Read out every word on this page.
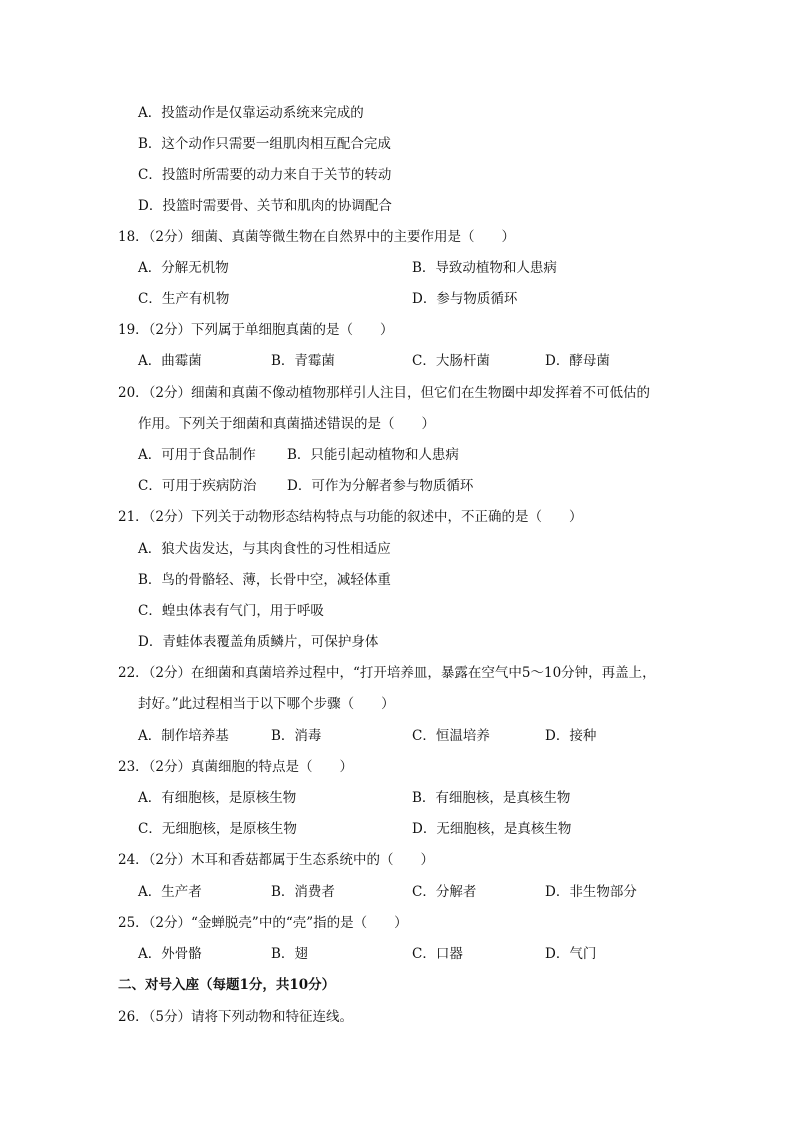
A．投篮动作是仅靠运动系统来完成的
B．这个动作只需要一组肌肉相互配合完成
C．投篮时所需要的动力来自于关节的转动
D．投篮时需要骨、关节和肌肉的协调配合
18．（2分）细菌、真菌等微生物在自然界中的主要作用是（　　）
A．分解无机物	B．导致动植物和人患病
C．生产有机物	D．参与物质循环
19．（2分）下列属于单细胞真菌的是（　　）
A．曲霉菌	B．青霉菌	C．大肠杆菌	D．酵母菌
20．（2分）细菌和真菌不像动植物那样引人注目，但它们在生物圈中却发挥着不可低估的
作用。下列关于细菌和真菌描述错误的是（　　）
A．可用于食品制作 B．只能引起动植物和人患病
C．可用于疾病防治 D．可作为分解者参与物质循环
21．（2分）下列关于动物形态结构特点与功能的叙述中，不正确的是（　　）
A．狼犬齿发达，与其肉食性的习性相适应
B．鸟的骨骼轻、薄，长骨中空，减轻体重
C．蝗虫体表有气门，用于呼吸
D．青蛙体表覆盖角质鳞片，可保护身体
22．（2分）在细菌和真菌培养过程中，“打开培养皿，暴露在空气中5～10分钟，再盖上，
封好。”此过程相当于以下哪个步骤（　　）
A．制作培养基	B．消毒	C．恒温培养	D．接种
23．（2分）真菌细胞的特点是（　　）
A．有细胞核，是原核生物	B．有细胞核，是真核生物
C．无细胞核，是原核生物	D．无细胞核，是真核生物
24．（2分）木耳和香菇都属于生态系统中的（　　）
A．生产者	B．消费者	C．分解者	D．非生物部分
25．（2分）“金蝉脱壳”中的“壳”指的是（　　）
A．外骨骼	B．翅	C．口器	D．气门
二、对号入座（每题1分，共10分）
26．（5分）请将下列动物和特征连线。
